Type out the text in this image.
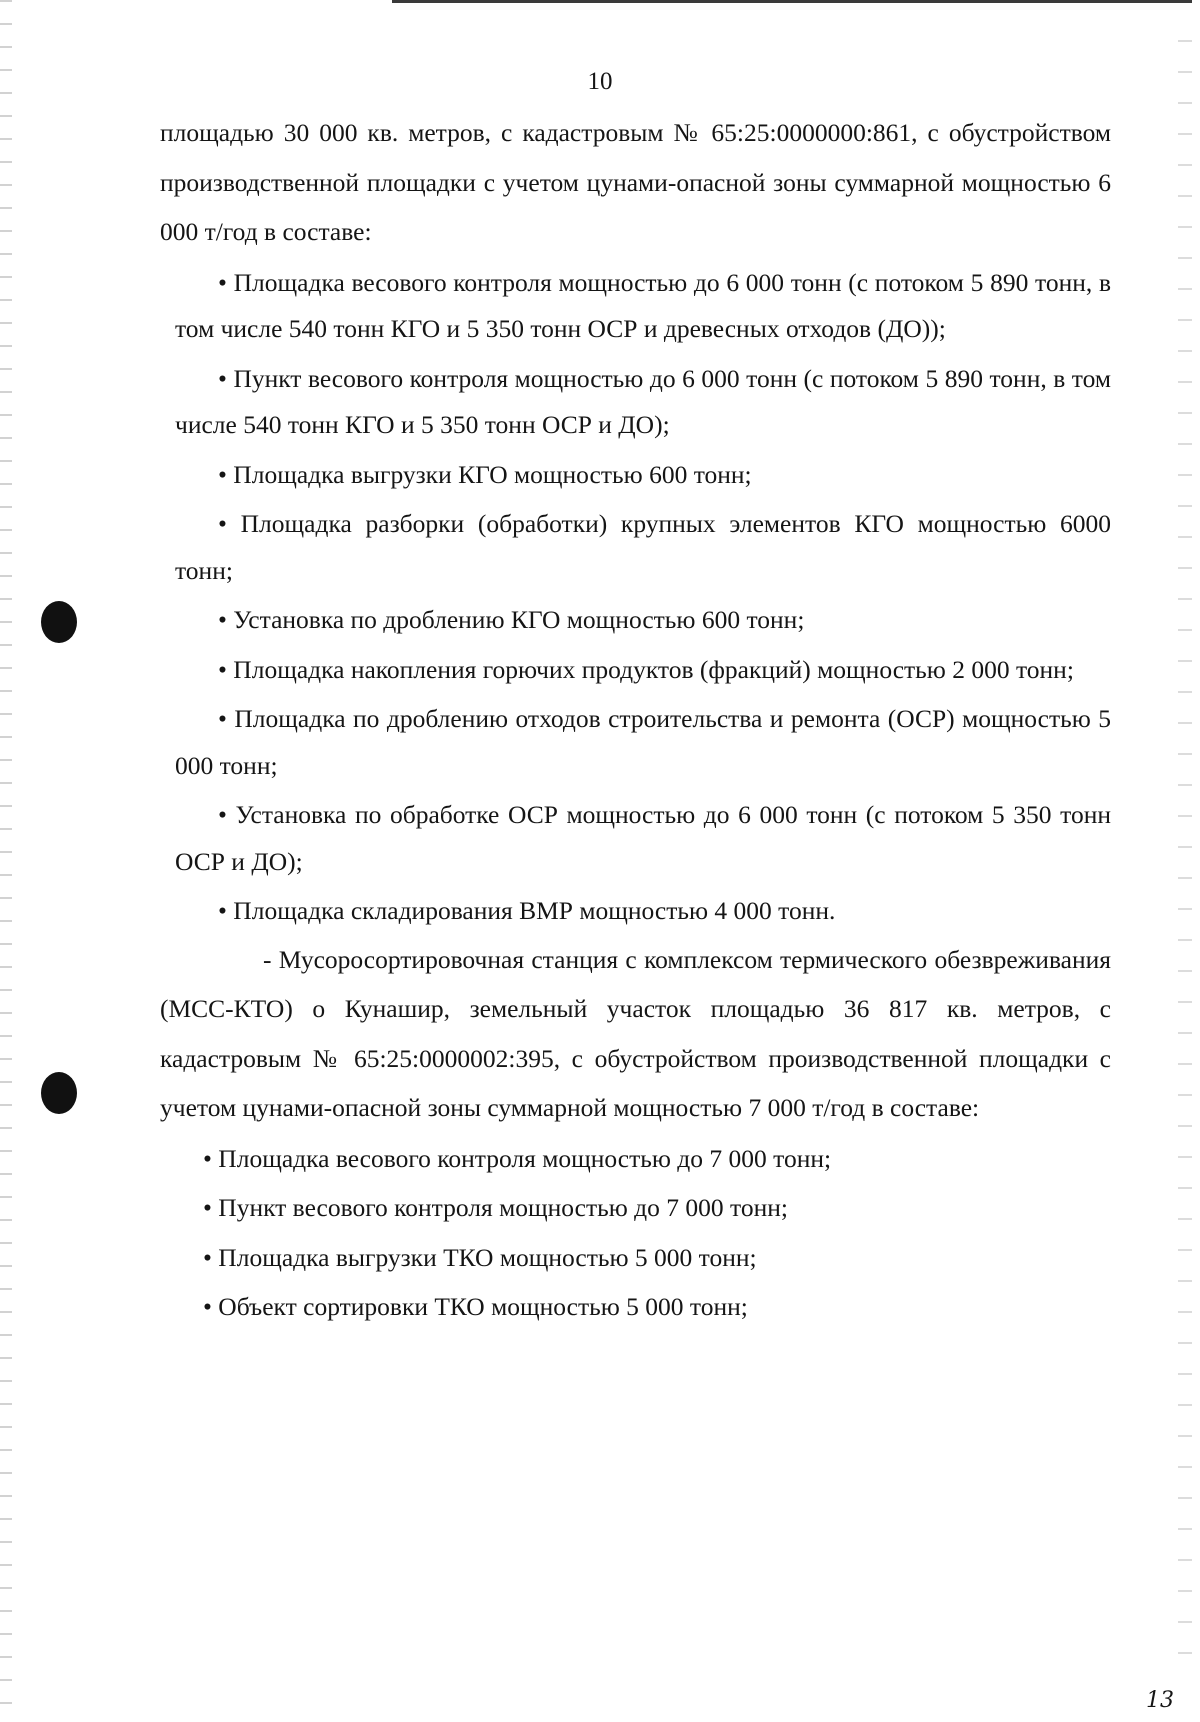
10

площадью 30 000 кв. метров, с кадастровым № 65:25:0000000:861, с обустройством производственной площадки с учетом цунами-опасной зоны суммарной мощностью 6 000 т/год в составе:

• Площадка весового контроля мощностью до 6 000 тонн (с потоком 5 890 тонн, в том числе 540 тонн КГО и 5 350 тонн ОСР и древесных отходов (ДО));

• Пункт весового контроля мощностью до 6 000 тонн (с потоком 5 890 тонн, в том числе 540 тонн КГО и 5 350 тонн ОСР и ДО);

• Площадка выгрузки КГО мощностью 600 тонн;

• Площадка разборки (обработки) крупных элементов КГО мощностью 6000 тонн;

• Установка по дроблению КГО мощностью 600 тонн;

• Площадка накопления горючих продуктов (фракций) мощностью 2 000 тонн;

• Площадка по дроблению отходов строительства и ремонта (ОСР) мощностью 5 000 тонн;

• Установка по обработке ОСР мощностью до 6 000 тонн (с потоком 5 350 тонн ОСР и ДО);

• Площадка складирования ВМР мощностью 4 000 тонн.

- Мусоросортировочная станция с комплексом термического обезвреживания (МСС-КТО) о Кунашир, земельный участок площадью 36 817 кв. метров, с кадастровым № 65:25:0000002:395, с обустройством производственной площадки с учетом цунами-опасной зоны суммарной мощностью 7 000 т/год в составе:

• Площадка весового контроля мощностью до 7 000 тонн;

• Пункт весового контроля мощностью до 7 000 тонн;

• Площадка выгрузки ТКО мощностью 5 000 тонн;

• Объект сортировки ТКО мощностью 5 000 тонн;

13
